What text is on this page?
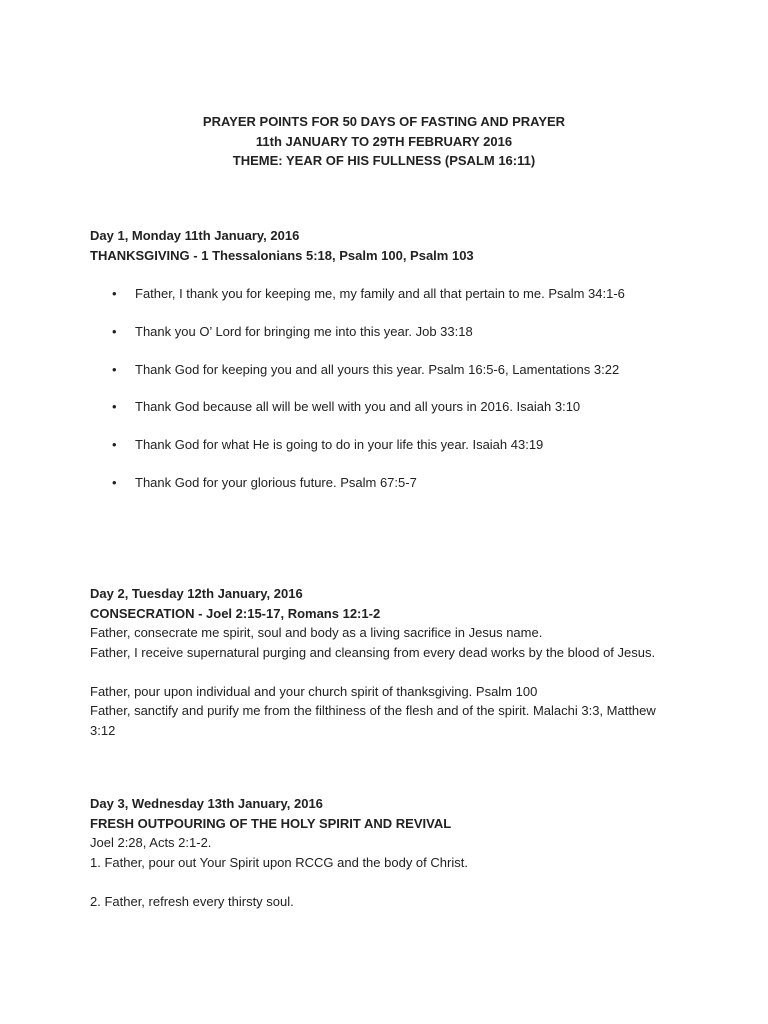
PRAYER POINTS FOR 50 DAYS OF FASTING AND PRAYER
11th JANUARY TO 29TH FEBRUARY 2016
THEME: YEAR OF HIS FULLNESS (PSALM 16:11)
Day 1, Monday 11th January, 2016
THANKSGIVING - 1 Thessalonians 5:18, Psalm 100, Psalm 103
• Father, I thank you for keeping me, my family and all that pertain to me. Psalm 34:1-6
• Thank you O’ Lord for bringing me into this year. Job 33:18
• Thank God for keeping you and all yours this year. Psalm 16:5-6, Lamentations 3:22
• Thank God because all will be well with you and all yours in 2016. Isaiah 3:10
• Thank God for what He is going to do in your life this year. Isaiah 43:19
• Thank God for your glorious future. Psalm 67:5-7
Day 2, Tuesday 12th January, 2016
CONSECRATION - Joel 2:15-17, Romans 12:1-2
Father, consecrate me spirit, soul and body as a living sacrifice in Jesus name.
Father, I receive supernatural purging and cleansing from every dead works by the blood of Jesus.
Father, pour upon individual and your church spirit of thanksgiving. Psalm 100
Father, sanctify and purify me from the filthiness of the flesh and of the spirit. Malachi 3:3, Matthew 3:12
Day 3, Wednesday 13th January, 2016
FRESH OUTPOURING OF THE HOLY SPIRIT AND REVIVAL
Joel 2:28, Acts 2:1-2.
1. Father, pour out Your Spirit upon RCCG and the body of Christ.
2. Father, refresh every thirsty soul.
